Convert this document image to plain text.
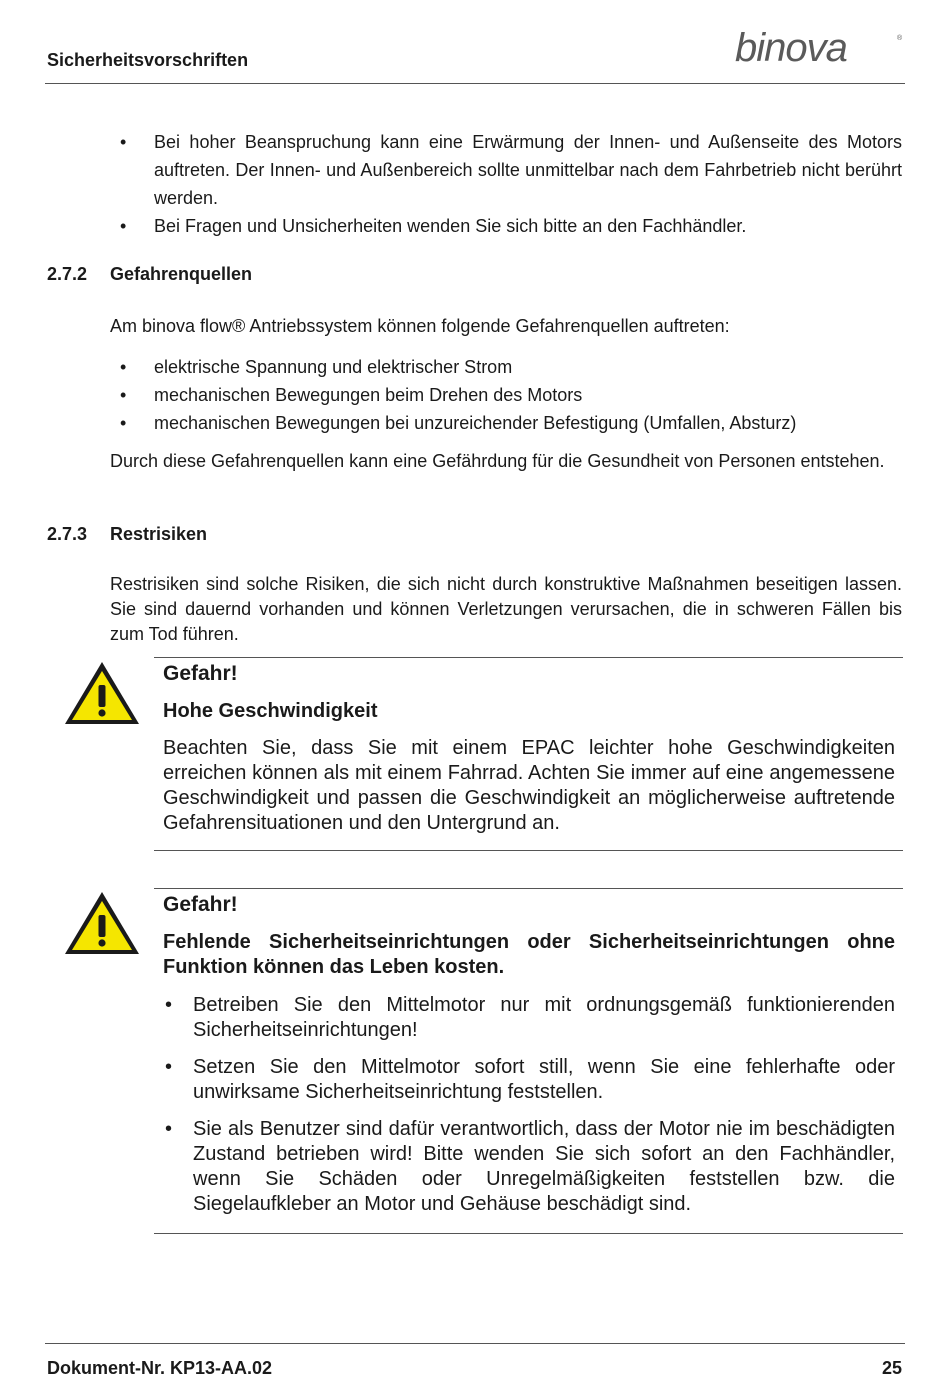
Sicherheitsvorschriften	binova	®
• Bei hoher Beanspruchung kann eine Erwärmung der Innen- und Außenseite des Motors auftreten. Der Innen- und Außenbereich sollte unmittelbar nach dem Fahrbetrieb nicht berührt werden.
• Bei Fragen und Unsicherheiten wenden Sie sich bitte an den Fachhändler.
2.7.2 Gefahrenquellen

Am binova flow® Antriebssystem können folgende Gefahrenquellen auftreten:

• elektrische Spannung und elektrischer Strom
• mechanischen Bewegungen beim Drehen des Motors
• mechanischen Bewegungen bei unzureichender Befestigung (Umfallen, Absturz)

Durch diese Gefahrenquellen kann eine Gefährdung für die Gesundheit von Personen entstehen.

2.7.3 Restrisiken

Restrisiken sind solche Risiken, die sich nicht durch konstruktive Maßnahmen beseitigen lassen. Sie sind dauernd vorhanden und können Verletzungen verursachen, die in schweren Fällen bis zum Tod führen.

Gefahr!

Hohe Geschwindigkeit

Beachten Sie, dass Sie mit einem EPAC leichter hohe Geschwindigkeiten erreichen können als mit einem Fahrrad. Achten Sie immer auf eine angemessene Geschwindigkeit und passen die Geschwindigkeit an möglicherweise auftretende Gefahrensituationen und den Untergrund an.

Gefahr!

Fehlende Sicherheitseinrichtungen oder Sicherheitseinrichtungen ohne Funktion können das Leben kosten.

• Betreiben Sie den Mittelmotor nur mit ordnungsgemäß funktionierenden Sicherheitseinrichtungen!
• Setzen Sie den Mittelmotor sofort still, wenn Sie eine fehlerhafte oder unwirksame Sicherheitseinrichtung feststellen.
• Sie als Benutzer sind dafür verantwortlich, dass der Motor nie im beschädigten Zustand betrieben wird! Bitte wenden Sie sich sofort an den Fachhändler, wenn Sie Schäden oder Unregelmäßigkeiten feststellen bzw. die Siegelaufkleber an Motor und Gehäuse beschädigt sind.
Dokument-Nr. KP13-AA.02	25
